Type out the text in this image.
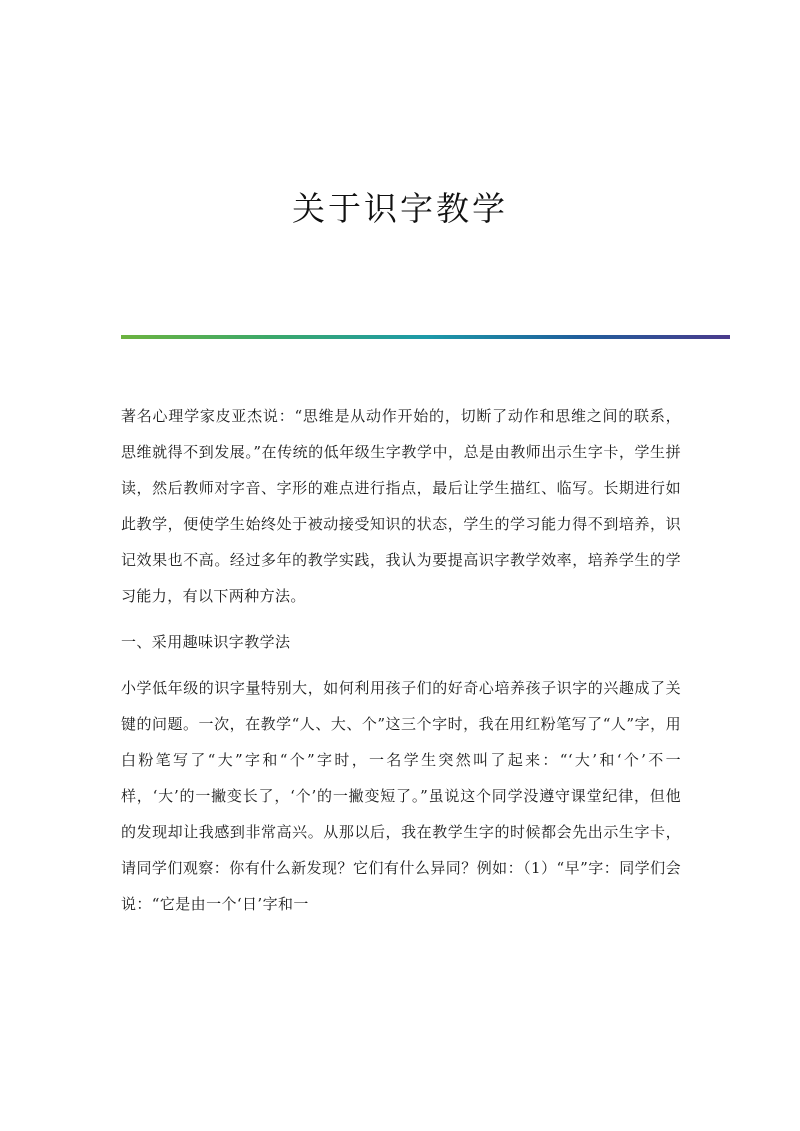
关于识字教学

著名心理学家皮亚杰说：“思维是从动作开始的，切断了动作和思维之间的联系，思维就得不到发展。”在传统的低年级生字教学中，总是由教师出示生字卡，学生拼读，然后教师对字音、字形的难点进行指点，最后让学生描红、临写。长期进行如此教学，便使学生始终处于被动接受知识的状态，学生的学习能力得不到培养，识记效果也不高。经过多年的教学实践，我认为要提高识字教学效率，培养学生的学习能力，有以下两种方法。

一、采用趣味识字教学法

小学低年级的识字量特别大，如何利用孩子们的好奇心培养孩子识字的兴趣成了关键的问题。一次，在教学“人、大、个”这三个字时，我在用红粉笔写了“人”字，用白粉笔写了“大”字和“个”字时，一名学生突然叫了起来：“‘大’和‘个’不一样，‘大’的一撇变长了，‘个’的一撇变短了。”虽说这个同学没遵守课堂纪律，但他的发现却让我感到非常高兴。从那以后，我在教学生字的时候都会先出示生字卡，请同学们观察：你有什么新发现？它们有什么异同？例如：（1）“早”字：同学们会说：“它是由一个‘日’字和一
